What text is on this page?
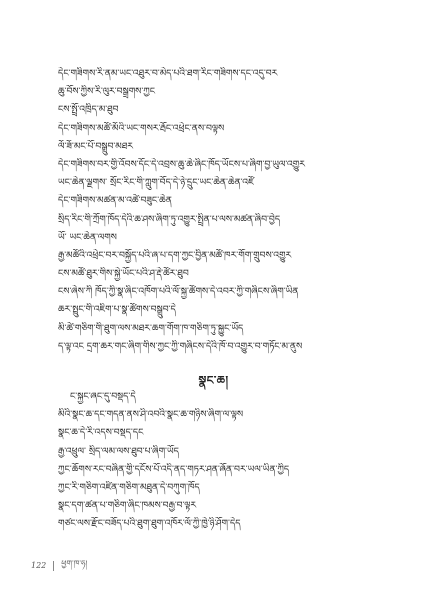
དེང་གཟིགས་རི་ནམ་ཡང་འཐུར་བ་མེད་པའི་ཐག་རིང་གཟིགས་དང་འདུ་བར
ཆུ་བོས་ཀྱིས་རི་ལུར་བསྒྲགས་ཀྱང
ངས་སྤྲོ་འཁྲིད་མ་ཐུབ
དེང་གཟིགས་མཚོ་མོའི་ཡང་གསར་རྦོང་འཕྲེང་ནས་བལྟས
ལོ་ཟོ་མང་པོ་བསྒྲུབ་མཐར
དེང་གཟིགས་བར་གྱི་འོབས་དོང་དེ་འབྲས་ཆུ་ཆེ་ཞིང་ཁོད་ཡོངས་པ་ཞིག་བྱ་ཡུལ་འགྱུར
ཡང་ཆེན་ལྗགས་ སྲོང་རིང་གི་ཀླུག་བོད་དེ་ཉེ་དྲུང་ཡང་ཆེན་ཆེན་འཛོ
དེང་གཟིགས་མཚན་མ་འཚེ་བཟུང་ཆེན
སྲིད་རིང་གི་ཀྲོག་ཁོད་དེའི་ཆ་ཤས་ཞིག་ཏུ་འགྱུར་སྤྲིན་པ་ལས་མཚན་ཞིབ་བྱེད
ཡོ་ ཡང་ཆེན་ལགས
རྒྱ་མཚོའི་འཕྲེང་བར་བསྐྱོད་པའི་ཞ་པ་དག་ཀྱང་བྱིན་མཚོ་ཁར་གོག་གྲུབས་འགྱུར
ངས་མཚོ་ཐུར་གིས་སྐྱེ་ཡོང་པའི་ཤ་རྡེ་ཚོར་ཐུབ
ངས་ཞེས་ཀི ཁོད་ཀྱི་སྣ་ཞིང་འཁོག་པའི་ལོ་སྐྱ་ཚོགས་དེ་འབར་ཀྱི་གཞིངས་ཞིག་ཡིན
ཆར་སྤྲུང་གི་འཇིག་པ་སྣ་ཚོགས་བསྒྲུབ་དེ
མི་ཚེ་གཅིག་གི་ཐུག་ལས་མཐར་ཆག་གོག་ཁ་གཅིག་ཏུ་སྐྱུང་ཡོད
ད་ལྟ་འང དྲག་ཆར་གང་ཞིག་གིས་ཀྱང་ཀྱི་གཞིངས་དེའི་ཁོ་བ་འགྱུར་བ་གཏོང་མ་ནུས
སྣང་ཆ།
ང་སྐྱང་ཞང་དུ་བསྡད་དེ
མིའི་སྣང་ཆ་དང་གདན་ནས་ཤི་འབའི་སྣང་ཆ་གཉིས་ཞིག་ལ་ལྟས
སྣང་ཆ་དེ་རི་འདས་བསྡད་དང
རྒྱ་འཕྲུལ་ སྲིད་ལམ་ལས་ཐུབ་པ་ཞིག་ཡོད
ཀྱང་ཆོགས་རང་བཞིན་གྱི་དངོས་པོ་འདི་ནད་གཏར་ཤན་ཞོན་བར་ཡལ་ཡིན་ཀྱིད
ཀྱང་རི་གཅིག་འཛིན་གཅིག་མཐུན་དེ་བཀུག་ཁོད
སྣང་དག་ཚན་པ་གཅིག་ཞིང་ཁམས་བརྒྱ་བ་ལྟར
གཙང་ལས་རྫོང་བཟོད་པའི་ཐུག་ཐུག་འཁོར་ལོ་ཀྱི་ཁྱེ་ཉི་ཤོག་དེད
122 ཕྱག་ཁ་ཧ།
